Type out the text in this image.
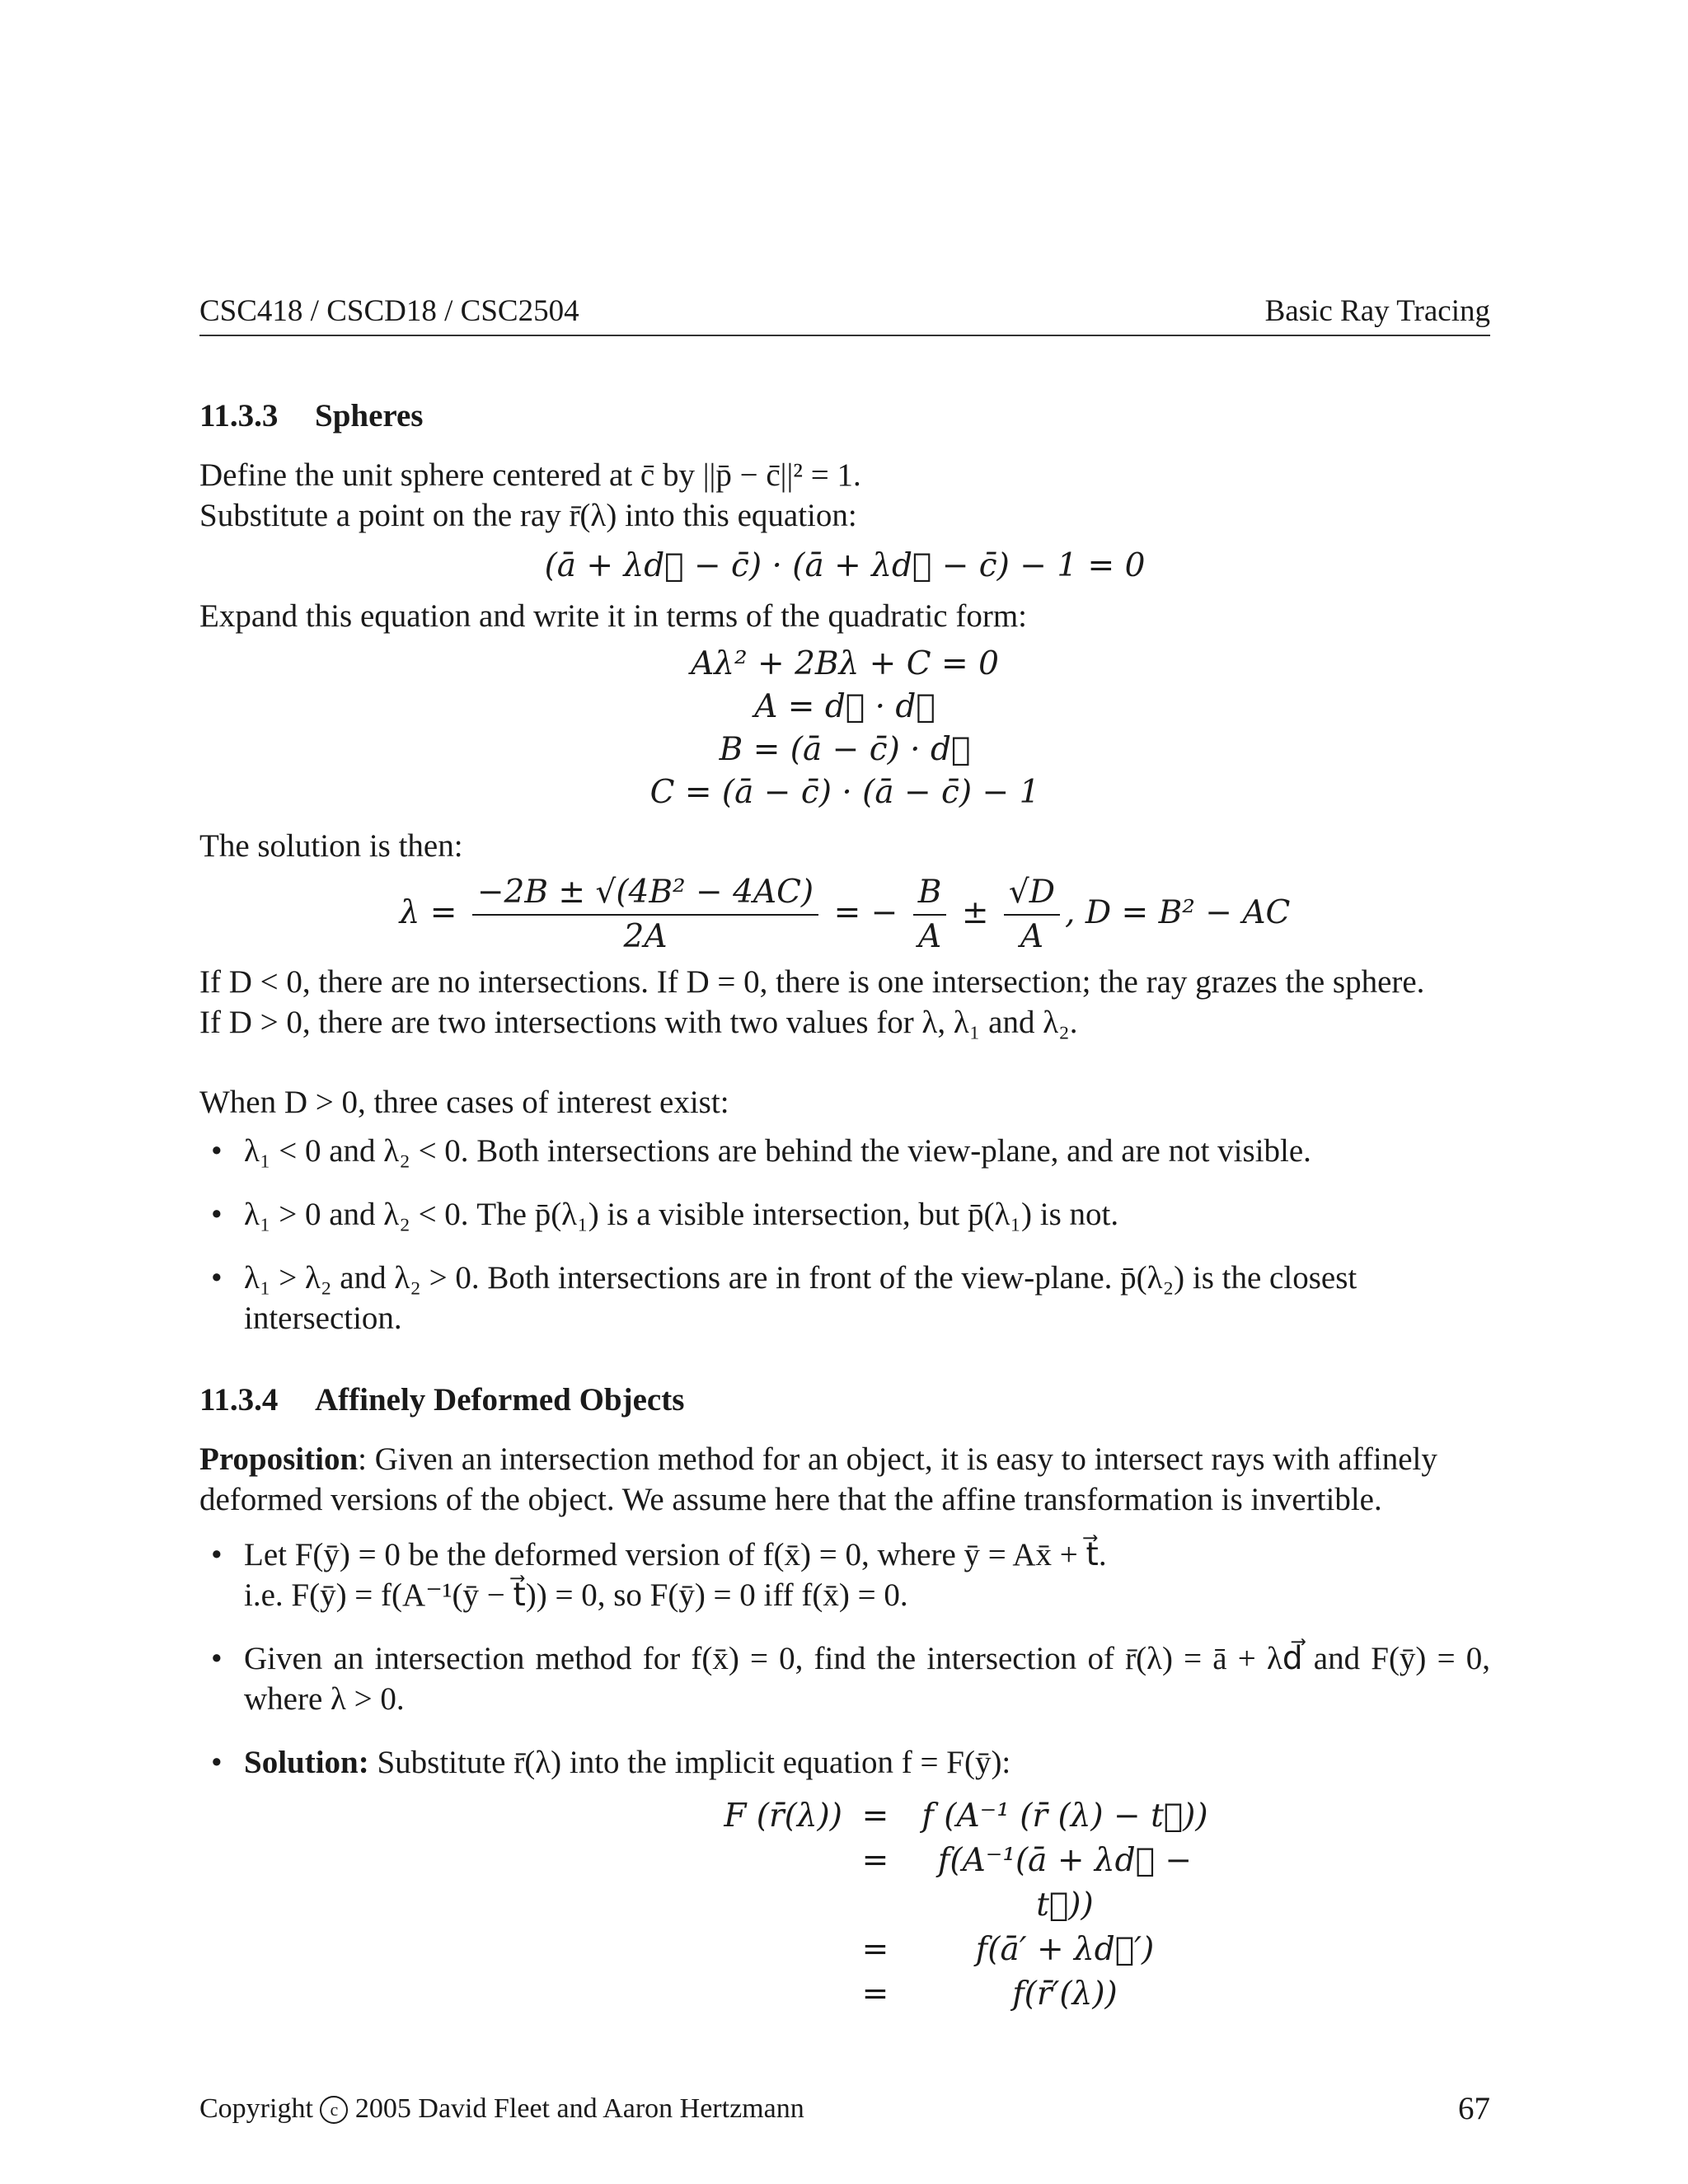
CSC418 / CSCD18 / CSC2504	Basic Ray Tracing
11.3.3 Spheres

Define the unit sphere centered at c̄ by ||p̄ − c̄||² = 1.

Substitute a point on the ray r̄(λ) into this equation:

(ā + λd⃗ − c̄) · (ā + λd⃗ − c̄) − 1 = 0

Expand this equation and write it in terms of the quadratic form:

Aλ² + 2Bλ + C = 0
A = d⃗ · d⃗
B = (ā − c̄) · d⃗
C = (ā − c̄) · (ā − c̄) − 1

The solution is then:

$\lambda = \frac{\text{−2B ± √(4B² − 4AC)}}{2A}$ = − $\frac{B}{A} \pm \frac{√D}{A}$ , D = B² − AC

If D < 0, there are no intersections. If D = 0, there is one intersection; the ray grazes the sphere.

If D > 0, there are two intersections with two values for λ, λ₁ and λ₂.

When D > 0, three cases of interest exist:

• λ₁ < 0 and λ₂ < 0. Both intersections are behind the view-plane, and are not visible.
• λ₁ > 0 and λ₂ < 0. The p̄(λ₁) is a visible intersection, but p̄(λ₁) is not.
• λ₁ > λ₂ and λ₂ > 0. Both intersections are in front of the view-plane. p̄(λ₂) is the closest intersection.
11.3.4 Affinely Deformed Objects

Proposition: Given an intersection method for an object, it is easy to intersect rays with affinely deformed versions of the object. We assume here that the affine transformation is invertible.

• Let F(ȳ) = 0 be the deformed version of f(x̄) = 0, where ȳ = Ax̄ + t⃗.
i.e. F(ȳ) = f(A⁻¹(ȳ − t⃗)) = 0, so F(ȳ) = 0 iff f(x̄) = 0.
• Given an intersection method for f(x̄) = 0, find the intersection of r̄(λ) = ā + λd⃗ and F(ȳ) = 0, where λ > 0.
• Solution: Substitute r̄(λ) into the implicit equation f = F(ȳ):
F (r̄(λ)) =	f (A⁻¹ (r̄ (λ) − t⃗))
=	f(A⁻¹(ā + λd⃗ − t⃗))
=	f(ā′ + λd⃗′)
=	f(r̄′(λ))
Copyright c 2005 David Fleet and Aaron Hertzmann	67
